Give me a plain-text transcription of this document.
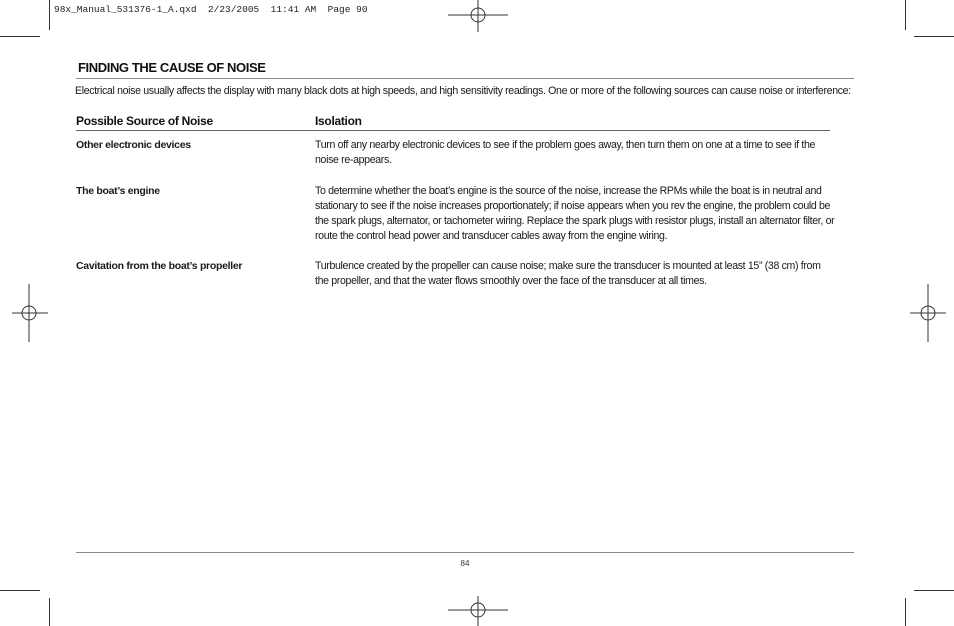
98x_Manual_531376-1_A.qxd  2/23/2005  11:41 AM  Page 90
FINDING THE CAUSE OF NOISE
Electrical noise usually affects the display with many black dots at high speeds, and high sensitivity readings. One or more of the following sources can cause noise or interference:
Possible Source of Noise	Isolation
Other electronic devices	Turn off any nearby electronic devices to see if the problem goes away, then turn them on one at a time to see if the noise re-appears.
The boat’s engine	To determine whether the boat’s engine is the source of the noise, increase the RPMs while the boat is in neutral and stationary to see if the noise increases proportionately; if noise appears when you rev the engine, the problem could be the spark plugs, alternator, or tachometer wiring. Replace the spark plugs with resistor plugs, install an alternator filter, or route the control head power and transducer cables away from the engine wiring.
Cavitation from the boat’s propeller	Turbulence created by the propeller can cause noise; make sure the transducer is mounted at least 15” (38 cm) from the propeller, and that the water flows smoothly over the face of the transducer at all times.
84
